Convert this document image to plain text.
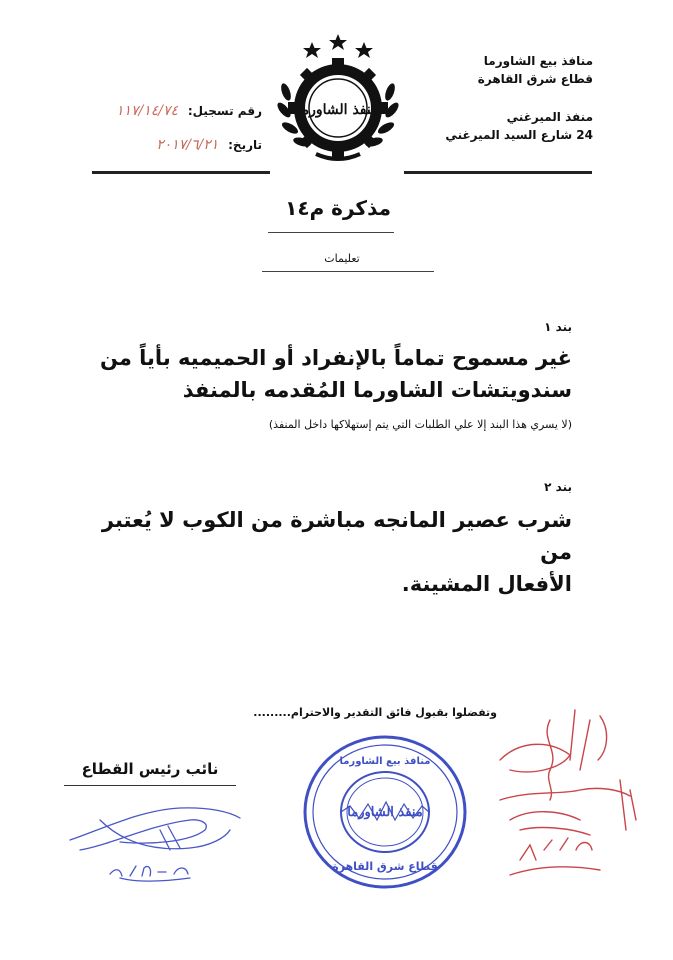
منافذ بيع الشاورما
قطاع شرق القاهرة
منفذ الميرغني
24 شارع السيد الميرغني
منفذ الشاورما
رقم تسجيل: ١١٧/١٤/٧٤
تاريخ: ٢٠١٧/٦/٢١
مذكرة م١٤
تعليمات
بند ١
غير مسموح تماماً بالإنفراد أو الحميميه بأياً من
سندويتشات الشاورما المُقدمه بالمنفذ
(لا يسري هذا البند إلا علي الطلبات التي يتم إستهلاكها داخل المنفذ)
بند ٢
شرب عصير المانجه مباشرة من الكوب لا يُعتبر من
الأفعال المشينة.
وتفضلوا بقبول فائق التقدير والاحترام.........
نائب رئيس القطاع	منافذ بيع الشاورما
منفذ الشاورما
قطاع شرق القاهرة
